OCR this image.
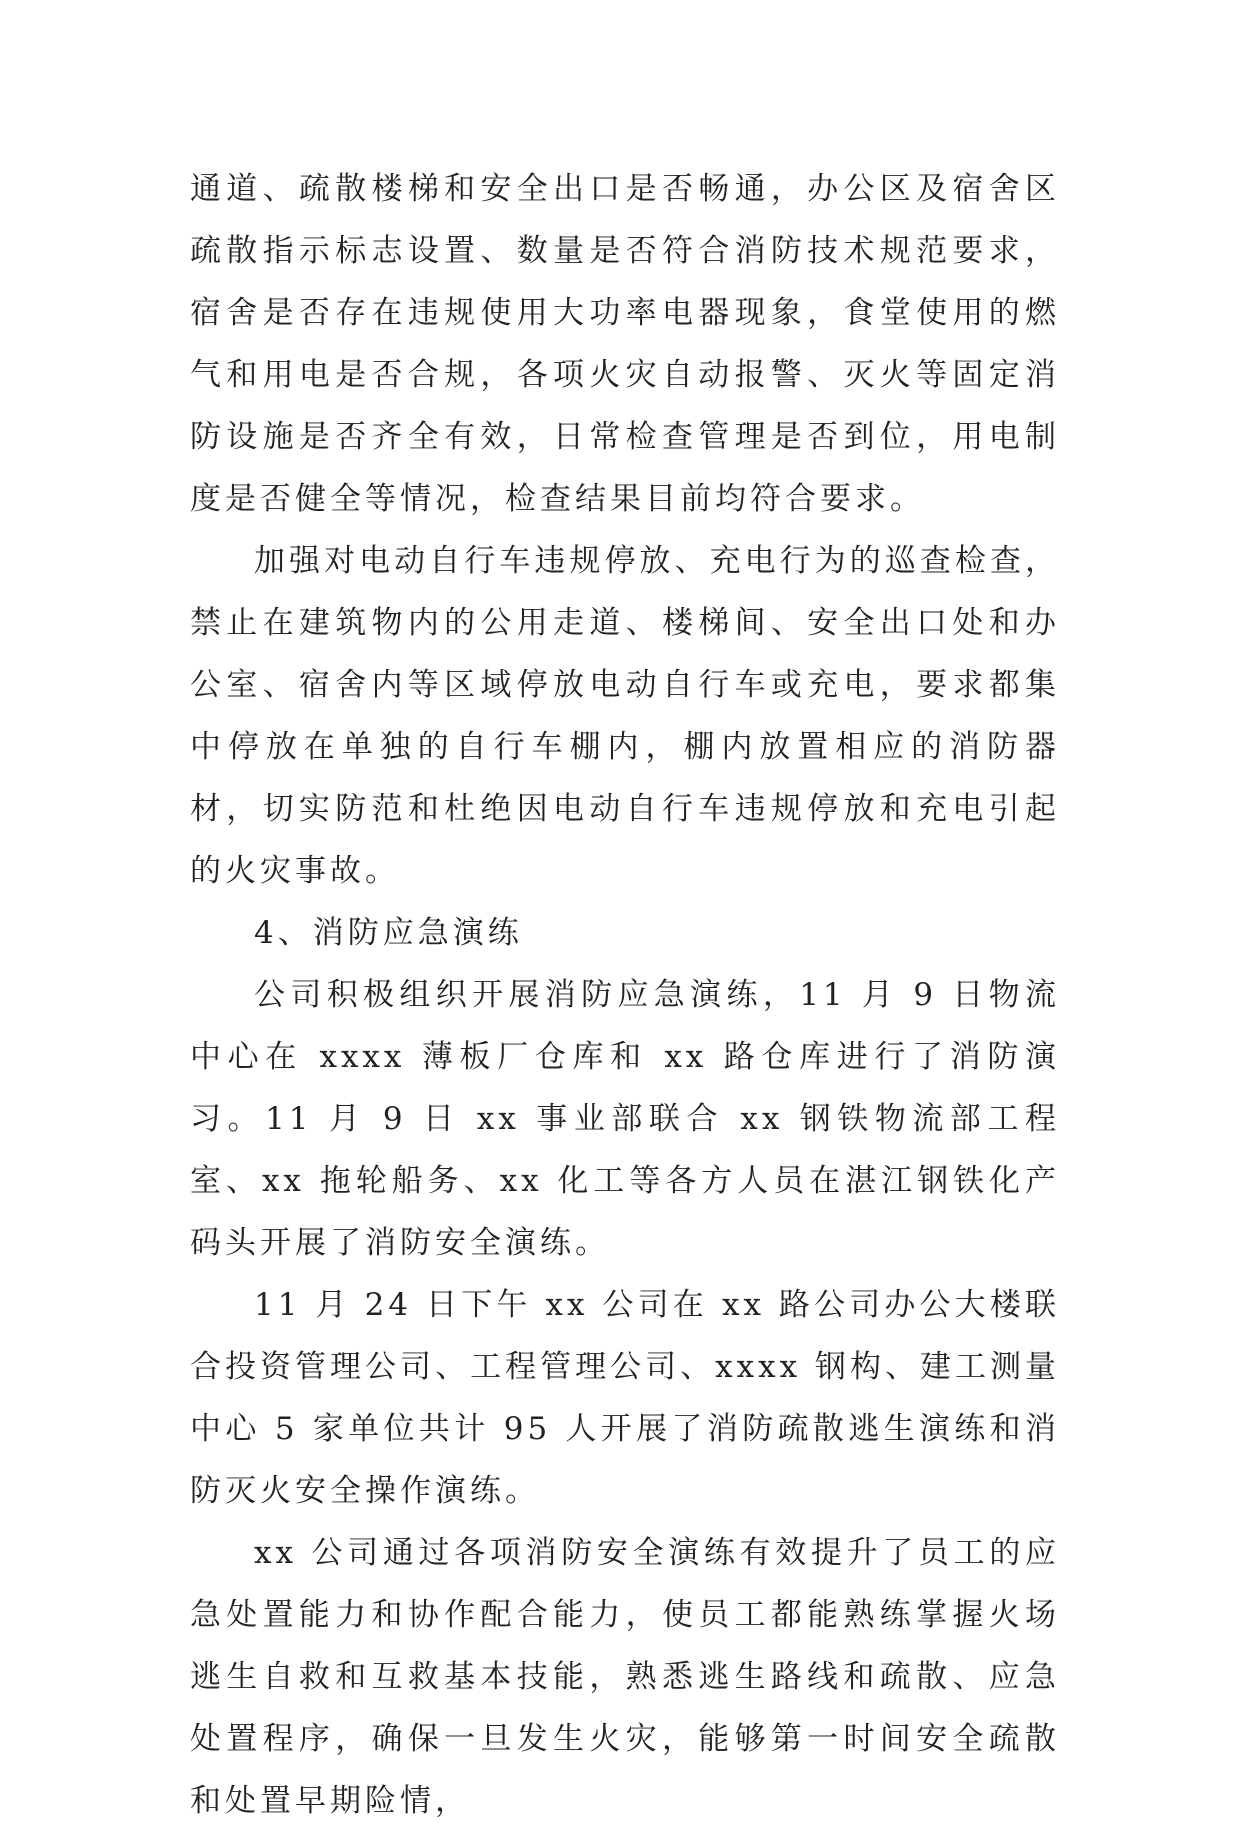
通道、疏散楼梯和安全出口是否畅通，办公区及宿舍区疏散指示标志设置、数量是否符合消防技术规范要求，宿舍是否存在违规使用大功率电器现象，食堂使用的燃气和用电是否合规，各项火灾自动报警、灭火等固定消防设施是否齐全有效，日常检查管理是否到位，用电制度是否健全等情况，检查结果目前均符合要求。

加强对电动自行车违规停放、充电行为的巡查检查，禁止在建筑物内的公用走道、楼梯间、安全出口处和办公室、宿舍内等区域停放电动自行车或充电，要求都集中停放在单独的自行车棚内，棚内放置相应的消防器材，切实防范和杜绝因电动自行车违规停放和充电引起的火灾事故。

4、消防应急演练

公司积极组织开展消防应急演练，11 月 9 日物流中心在 xxxx 薄板厂仓库和 xx 路仓库进行了消防演习。11 月 9 日 xx 事业部联合 xx 钢铁物流部工程室、xx 拖轮船务、xx 化工等各方人员在湛江钢铁化产码头开展了消防安全演练。

11 月 24 日下午 xx 公司在 xx 路公司办公大楼联合投资管理公司、工程管理公司、xxxx 钢构、建工测量中心 5 家单位共计 95 人开展了消防疏散逃生演练和消防灭火安全操作演练。

xx 公司通过各项消防安全演练有效提升了员工的应急处置能力和协作配合能力，使员工都能熟练掌握火场逃生自救和互救基本技能，熟悉逃生路线和疏散、应急处置程序，确保一旦发生火灾，能够第一时间安全疏散和处置早期险情，
